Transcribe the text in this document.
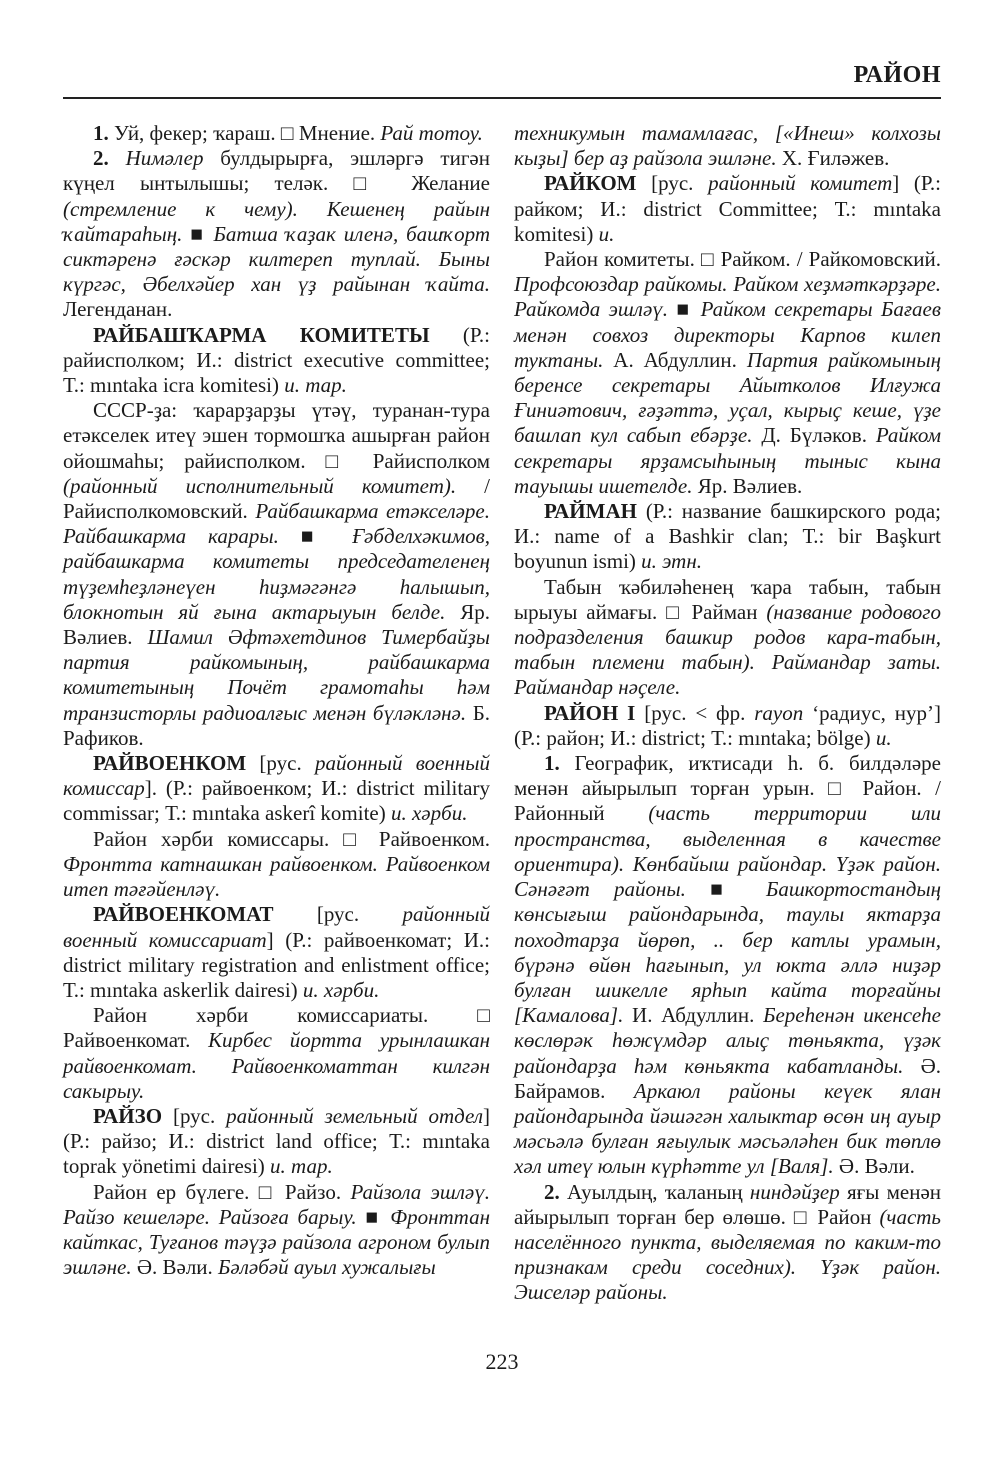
РАЙОН

1. Уй, фекер; ҡараш. □ Мнение. Рай тотоу.

2. Нимәлер булдырырға, эшләргә тигән күңел ынтылышы; теләк. □ Желание (стремление к чему). Кешенең райын ҡайтараһың. ■ Батша ҡаҙак иленә, башҡорт сиктәренә ғәскәр килтереп туплай. Быны күргәс, Әбелхәйер хан үҙ райынан ҡайта. Легенданан.

РАЙБАШҠАРМА КОМИТЕТЫ (Р.: райисполком; И.: district executive committee; Т.: mıntaka icra komitesi) и. тар.

СССР-ҙа: ҡарарҙарҙы үтәү, туранан-тура етәкселек итеү эшен тормошҡа ашырған район ойошмаһы; райисполком. □ Райисполком (районный исполнительный комитет). / Райисполкомовский. Райбашкарма етәкселәре. Райбашкарма карары. ■ Ғәбделхәкимов, райбашкарма комитеты председателенең түҙемһеҙләнеүен һиҙмәгәнгә һалышып, блокнотын яй ғына актарыуын белде. Яр. Вәлиев. Шамил Әфтәхетдинов Тимербайҙы партия райкомының, райбашкарма комитетының Почёт грамотаһы һәм транзисторлы радиоалғыс менән бүләкләнә. Б. Рафиков.

РАЙВОЕНКОМ [рус. районный военный комиссар]. (Р.: райвоенком; И.: district military commissar; Т.: mıntaka askerî komite) и. хәрби.

Район хәрби комиссары. □ Райвоенком. Фронтта катнашкан райвоенком. Райвоенком итеп тәғәйенләү.

РАЙВОЕНКОМАТ [рус. районный военный комиссариат] (Р.: райвоенкомат; И.: district military registration and enlistment office; Т.: mıntaka askerlik dairesi) и. хәрби.

Район хәрби комиссариаты. □ Райвоенкомат. Кирбес йортта урынлашкан райвоенкомат. Райвоенкоматтан килгән сакырыу.

РАЙЗО [рус. районный земельный отдел] (Р.: райзо; И.: district land office; Т.: mıntaka toprak yönetimi dairesi) и. тар.

Район ер бүлеге. □ Райзо. Райзола эшләү. Райзо кешеләре. Райзоға барыу. ■ Фронттан кайткас, Туғанов тәүҙә райзола агроном булып эшләне. Ә. Вәли. Бәләбәй ауыл хужалығы

техникумын тамамлағас, [«Инеш» колхозы кыҙы] бер аҙ райзола эшләне. Х. Ғиләжев.

РАЙКОМ [рус. районный комитет] (Р.: райком; И.: district Committee; Т.: mıntaka komitesi) и.

Район комитеты. □ Райком. / Райкомовский. Профсоюздар райкомы. Райком хеҙмәткәрҙәре. Райкомда эшләү. ■ Райком секретары Бағаев менән совхоз директоры Карпов килеп туктаны. А. Абдуллин. Партия райкомының беренсе секретары Айытколов Илғужа Ғиниәтович, ғәҙәттә, уҫал, кырыҫ кеше, үҙе башлап кул сабып ебәрҙе. Д. Бүләков. Райком секретары ярҙамсыһының тыныс кына тауышы ишетелде. Яр. Вәлиев.

РАЙМАН (Р.: название башкирского рода; И.: name of a Bashkir clan; Т.: bir Başkurt boyunun ismi) и. этн.

Табын ҡәбиләһенең ҡара табын, табын ырыуы аймағы. □ Райман (название родового подразделения башкир родов кара-табын, табын племени табын). Раймандар заты. Раймандар нәҫеле.

РАЙОН I [рус. < фр. rayon ‘радиус, нур’] (Р.: район; И.: district; Т.: mıntaka; bölge) и.

1. Географик, иҡтисади һ. б. билдәләре менән айырылып торған урын. □ Район. / Районный (часть территории или пространства, выделенная в качестве ориентира). Көнбайыш райондар. Үҙәк район. Сәнәғәт районы. ■ Башкортостандың көнсығыш райондарында, таулы яктарҙа походтарҙа йөрөп, .. бер катлы урамын, бүрәнә өйөн һағынып, ул юкта әллә ниҙәр булған шикелле ярһып кайта торғайны [Камалова]. И. Абдуллин. Береһенән икенсеһе көслөрәк һөжүмдәр алыҫ төньякта, үҙәк райондарҙа һәм көньякта кабатланды. Ә. Байрамов. Аркаюл районы кеүек ялан райондарында йәшәгән халыктар өсөн иң ауыр мәсьәлә булған яғыулык мәсьәләһен бик төплө хәл итеү юлын күрһәтте ул [Валя]. Ә. Вәли.

2. Ауылдың, ҡаланың ниндәйҙер яғы менән айырылып торған бер өлөшө. □ Район (часть населённого пункта, выделяемая по каким-то признакам среди соседних). Үҙәк район. Эшселәр районы.

223
